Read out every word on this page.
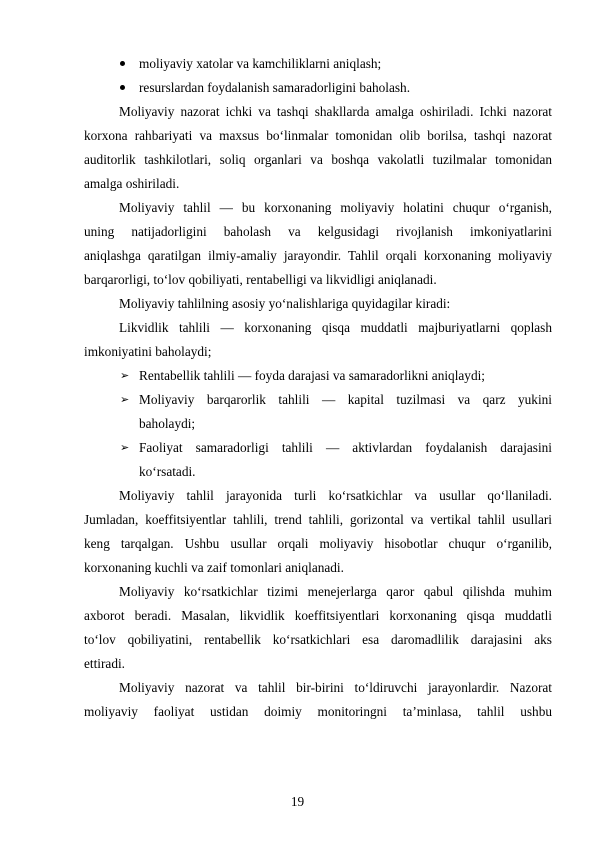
moliyaviy xatolar va kamchiliklarni aniqlash;
resurslardan foydalanish samaradorligini baholash.
Moliyaviy nazorat ichki va tashqi shakllarda amalga oshiriladi. Ichki nazorat
korxona rahbariyati va maxsus bo‘linmalar tomonidan olib borilsa, tashqi nazorat
auditorlik tashkilotlari, soliq organlari va boshqa vakolatli tuzilmalar tomonidan
amalga oshiriladi.
Moliyaviy tahlil — bu korxonaning moliyaviy holatini chuqur o‘rganish,
uning natijadorligini baholash va kelgusidagi rivojlanish imkoniyatlarini
aniqlashga qaratilgan ilmiy-amaliy jarayondir. Tahlil orqali korxonaning moliyaviy
barqarorligi, to‘lov qobiliyati, rentabelligi va likvidligi aniqlanadi.
Moliyaviy tahlilning asosiy yo‘nalishlariga quyidagilar kiradi:
Likvidlik tahlili — korxonaning qisqa muddatli majburiyatlarni qoplash
imkoniyatini baholaydi;
➢ Rentabellik tahlili — foyda darajasi va samaradorlikni aniqlaydi;
➢ Moliyaviy barqarorlik tahlili — kapital tuzilmasi va qarz yukini
baholaydi;
➢ Faoliyat samaradorligi tahlili — aktivlardan foydalanish darajasini
ko‘rsatadi.
Moliyaviy tahlil jarayonida turli ko‘rsatkichlar va usullar qo‘llaniladi.
Jumladan, koeffitsiyentlar tahlili, trend tahlili, gorizontal va vertikal tahlil usullari
keng tarqalgan. Ushbu usullar orqali moliyaviy hisobotlar chuqur o‘rganilib,
korxonaning kuchli va zaif tomonlari aniqlanadi.
Moliyaviy ko‘rsatkichlar tizimi menejerlarga qaror qabul qilishda muhim
axborot beradi. Masalan, likvidlik koeffitsiyentlari korxonaning qisqa muddatli
to‘lov qobiliyatini, rentabellik ko‘rsatkichlari esa daromadlilik darajasini aks
ettiradi.
Moliyaviy nazorat va tahlil bir-birini to‘ldiruvchi jarayonlardir. Nazorat
moliyaviy faoliyat ustidan doimiy monitoringni ta’minlasa, tahlil ushbu
19
